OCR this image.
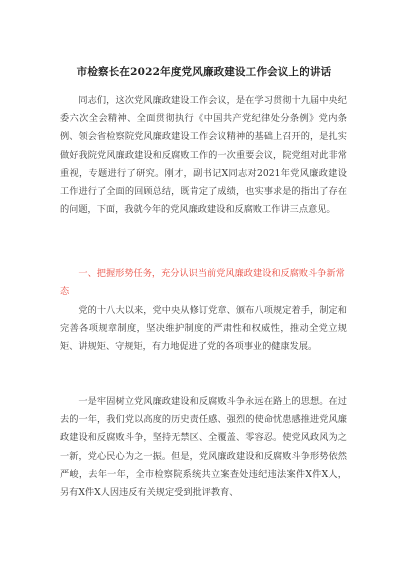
市检察长在2022年度党风廉政建设工作会议上的讲话
同志们，这次党风廉政建设工作会议，是在学习贯彻十九届中央纪委六次全会精神、全面贯彻执行《中国共产党纪律处分条例》党内条例、领会省检察院党风廉政建设工作会议精神的基础上召开的，是扎实做好我院党风廉政建设和反腐败工作的一次重要会议，院党组对此非常重视，专题进行了研究。刚才，副书记X同志对2021年党风廉政建设工作进行了全面的回顾总结，既肯定了成绩，也实事求是的指出了存在的问题，下面，我就今年的党风廉政建设和反腐败工作讲三点意见。
一、把握形势任务，充分认识当前党风廉政建设和反腐败斗争新常态
党的十八大以来，党中央从修订党章、颁布八项规定着手，制定和完善各项规章制度，坚决维护制度的严肃性和权威性，推动全党立规矩、讲规矩、守规矩，有力地促进了党的各项事业的健康发展。
一是牢固树立党风廉政建设和反腐败斗争永远在路上的思想。在过去的一年，我们党以高度的历史责任感、强烈的使命忧患感推进党风廉政建设和反腐败斗争，坚持无禁区、全覆盖、零容忍。使党风政风为之一新，党心民心为之一振。但是，党风廉政建设和反腐败斗争形势依然严峻，去年一年，全市检察院系统共立案查处违纪违法案件X件X人，另有X件X人因违反有关规定受到批评教育、
